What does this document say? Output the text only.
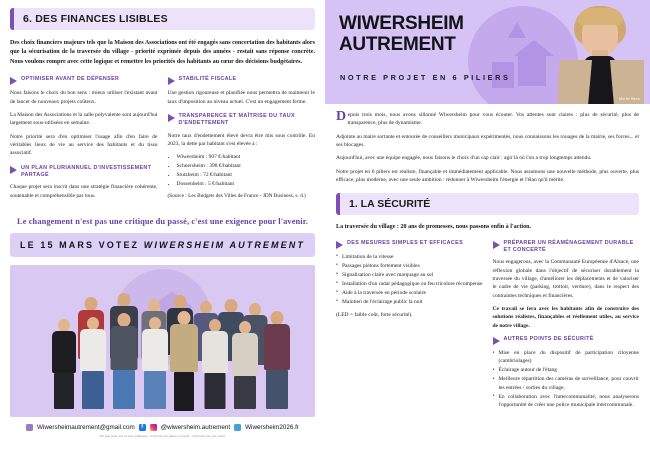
6. DES FINANCES LISIBLES

Des choix financiers majeurs tels que la Maison des Associations ont été engagés sans concertation des habitants alors que la sécurisation de la traversée du village - priorité exprimée depuis des années - restait sans réponse concrète. Nous voulons rompre avec cette logique et remettre les priorités des habitants au cœur des décisions budgétaires.

OPTIMISER AVANT DE DÉPENSER

Nous faisons le choix du bon sens : mieux utiliser l'existant avant de lancer de nouveaux projets coûteux.

La Maison des Associations et la salle polyvalente sont aujourd'hui largement sous-utilisées en semaine.

Notre priorité sera d'en optimiser l'usage afin d'en faire de véritables lieux de vie au service des habitants et du tissu associatif.

UN PLAN PLURIANNUEL D'INVESTISSEMENT PARTAGÉ

Chaque projet sera inscrit dans une stratégie financière cohérente, soutenable et compréhensible par tous.

STABILITÉ FISCALE

Une gestion rigoureuse et planifiée nous permettra de maintenir le taux d'imposition au niveau actuel. C'est un engagement ferme.

TRANSPARENCE ET MAÎTRISE DU TAUX D'ENDETTEMENT

Notre taux d'endettement élevé devra être mis sous contrôle. En 2023, la dette par habitant s'est élevée à :

• Wiwersheim : 907 €/habitant
• Schnersheim : 398 €/habitant
• Stutzheim : 72 €/habitant
• Dossenheim : 5 €/habitant

(Source : Les Budgets des Villes de France - JDN Business, s. d.)

Le changement n'est pas une critique du passé, c'est une exigence pour l'avenir.
LE 15 MARS VOTEZ WIWERSHEIM AUTREMENT
Wiwersheimautrement@gmail.com	f	@wiwersheim.autrement Wiwersheim2026.fr
Ne pas jeter sur la voie publique - Imprimé sur papier recyclé - Imprimé par nos soins
WIWERSHEIM
AUTREMENT
NOTRE PROJET EN 6 PILIERS
Muriel Beck

Depuis trois mois, nous avons sillonné Wiwersheim pour vous écouter. Vos attentes sont claires : plus de sécurité, plus de transparence, plus de dynamisme.

Adjointe au maire sortante et entourée de conseillers municipaux expérimentés, nous connaissons les rouages de la mairie, ses forces... et ses blocages.

Aujourd'hui, avec une équipe engagée, nous faisons le choix d'un cap clair : agir là où l'on a trop longtemps attendu.

Notre projet en 6 piliers est réaliste, finançable et immédiatement applicable. Nous assumons une nouvelle méthode, plus ouverte, plus efficace, plus moderne, avec une seule ambition : redonner à Wiwersheim l'énergie et l'élan qu'il mérite.

1. LA SÉCURITÉ

La traversée du village : 20 ans de promesses, nous passons enfin à l'action.

DES MESURES SIMPLES ET EFFICACES
• Limitation de la vitesse
• Passages piétons fortement visibles
• Signalisation claire avec marquage au sol
• Installation d'un radar pédagogique ou feu tricolore récompense
• Aide à la traversée en période scolaire
• Maintien de l'éclairage public la nuit

(LED = faible coût, forte sécurité).

PRÉPARER UN RÉAMÉNAGEMENT DURABLE ET CONCERTÉ

Nous engagerons, avec la Communauté Européenne d'Alsace, une réflexion globale dans l'objectif de sécuriser durablement la traversée du village, d'améliorer les déplacements et de valoriser le cadre de vie (parking, trottoir, verdure), dans le respect des contraintes techniques et financières.

Ce travail se fera avec les habitants afin de construire des solutions réalistes, finançables et réellement utiles, au service de notre village.

AUTRES POINTS DE SÉCURITÉ
• Mise en place du dispositif de participation citoyenne (cambriolages)
• Éclairage autour de l'étang
• Meilleure répartition des caméras de surveillance, pour couvrir les entrées / sorties du village.
• En collaboration avec l'intercommunalité, nous analyserons l'opportunité de créer une police municipale intercommunale.
